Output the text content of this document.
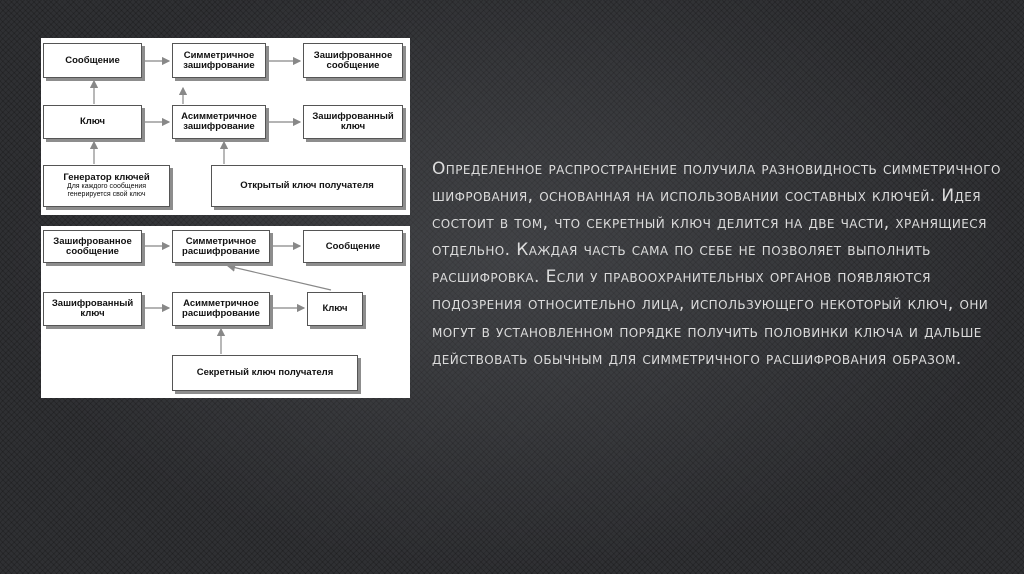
Сообщение	Симметричное
зашифрование
Зашифрованное
сообщение
Ключ	Асимметричное
зашифрование
Зашифрованный
ключ
Генератор ключей
Для каждого сообщения
генерируется свой ключ
Открытый ключ получателя
Зашифрованное
сообщение
Симметричное
расшифрование	Сообщение
Зашифрованный
ключ
Асимметричное
расшифрование	Ключ
Секретный ключ получателя
Определенное распространение получила разновидность симметричного шифрования, основанная на использовании составных ключей. Идея состоит в том, что секретный ключ делится на две части, хранящиеся отдельно. Каждая часть сама по себе не позволяет выполнить расшифровка. Если у правоохранительных органов появляются подозрения относительно лица, использующего некоторый ключ, они могут в установленном порядке получить половинки ключа и дальше действовать обычным для симметричного расшифрования образом.
